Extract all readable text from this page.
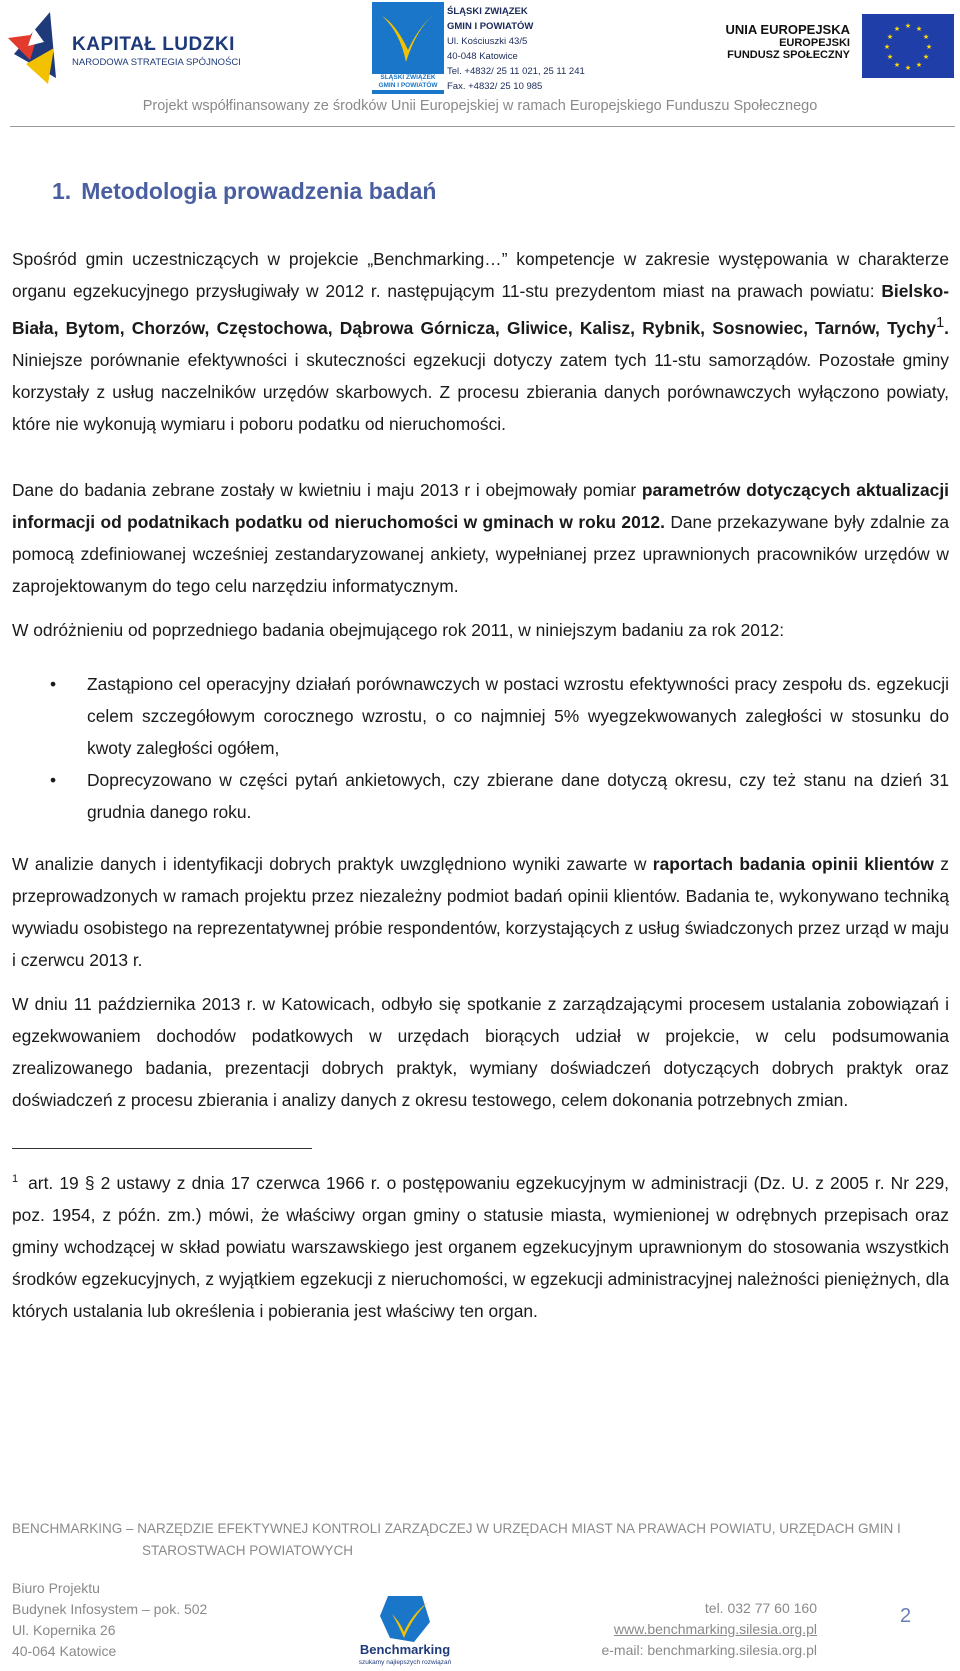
KAPITAŁ LUDZKI
NARODOWA STRATEGIA SPÓJNOŚCI
ŚLĄSKI ZWIĄZEK
GMIN I POWIATÓW
ŚLĄSKI ZWIĄZEK
GMIN I POWIATÓW
Ul. Kościuszki 43/5
40-048 Katowice
Tel. +4832/ 25 11 021, 25 11 241
Fax. +4832/ 25 10 985
UNIA EUROPEJSKA
EUROPEJSKI
FUNDUSZ SPOŁECZNY
★ ★
★
★
★
★
★
★
★
★
★
★
Projekt współfinansowany ze środków Unii Europejskiej w ramach Europejskiego Funduszu Społecznego
1. Metodologia prowadzenia badań

Spośród gmin uczestniczących w projekcie „Benchmarking…” kompetencje w zakresie występowania w charakterze organu egzekucyjnego przysługiwały w 2012 r. następującym 11-stu prezydentom miast na prawach powiatu: Bielsko-Biała, Bytom, Chorzów, Częstochowa, Dąbrowa Górnicza, Gliwice, Kalisz, Rybnik, Sosnowiec, Tarnów, Tychy$^1$. Niniejsze porównanie efektywności i skuteczności egzekucji dotyczy zatem tych 11-stu samorządów. Pozostałe gminy korzystały z usług naczelników urzędów skarbowych. Z procesu zbierania danych porównawczych wyłączono powiaty, które nie wykonują wymiaru i poboru podatku od nieruchomości.

Dane do badania zebrane zostały w kwietniu i maju 2013 r i obejmowały pomiar parametrów dotyczących aktualizacji informacji od podatnikach podatku od nieruchomości w gminach w roku 2012. Dane przekazywane były zdalnie za pomocą zdefiniowanej wcześniej zestandaryzowanej ankiety, wypełnianej przez uprawnionych pracowników urzędów w zaprojektowanym do tego celu narzędziu informatycznym.

W odróżnieniu od poprzedniego badania obejmującego rok 2011, w niniejszym badaniu za rok 2012:

• Zastąpiono cel operacyjny działań porównawczych w postaci wzrostu efektywności pracy zespołu ds. egzekucji celem szczegółowym corocznego wzrostu, o co najmniej 5% wyegzekwowanych zaległości w stosunku do kwoty zaległości ogółem,
• Doprecyzowano w części pytań ankietowych, czy zbierane dane dotyczą okresu, czy też stanu na dzień 31 grudnia danego roku.

W analizie danych i identyfikacji dobrych praktyk uwzględniono wyniki zawarte w raportach badania opinii klientów z przeprowadzonych w ramach projektu przez niezależny podmiot badań opinii klientów. Badania te, wykonywano techniką wywiadu osobistego na reprezentatywnej próbie respondentów, korzystających z usług świadczonych przez urząd w maju i czerwcu 2013 r.

W dniu 11 października 2013 r. w Katowicach, odbyło się spotkanie z zarządzającymi procesem ustalania zobowiązań i egzekwowaniem dochodów podatkowych w urzędach biorących udział w projekcie, w celu podsumowania zrealizowanego badania, prezentacji dobrych praktyk, wymiany doświadczeń dotyczących dobrych praktyk oraz doświadczeń z procesu zbierania i analizy danych z okresu testowego, celem dokonania potrzebnych zmian.

$^1$ art. 19 § 2 ustawy z dnia 17 czerwca 1966 r. o postępowaniu egzekucyjnym w administracji (Dz. U. z 2005 r. Nr 229, poz. 1954, z późn. zm.) mówi, że właściwy organ gminy o statusie miasta, wymienionej w odrębnych przepisach oraz gminy wchodzącej w skład powiatu warszawskiego jest organem egzekucyjnym uprawnionym do stosowania wszystkich środków egzekucyjnych, z wyjątkiem egzekucji z nieruchomości, w egzekucji administracyjnej należności pieniężnych, dla których ustalania lub określenia i pobierania jest właściwy ten organ.

BENCHMARKING – NARZĘDZIE EFEKTYWNEJ KONTROLI ZARZĄDCZEJ W URZĘDACH MIAST NA PRAWACH POWIATU, URZĘDACH GMIN I
STAROSTWACH POWIATOWYCH
Biuro Projektu
Budynek Infosystem – pok. 502
Ul. Kopernika 26
40-064 Katowice	Benchmarking
szukamy najlepszych rozwiązań
tel. 032 77 60 160
www.benchmarking.silesia.org.pl
e-mail: benchmarking.silesia.org.pl
2
